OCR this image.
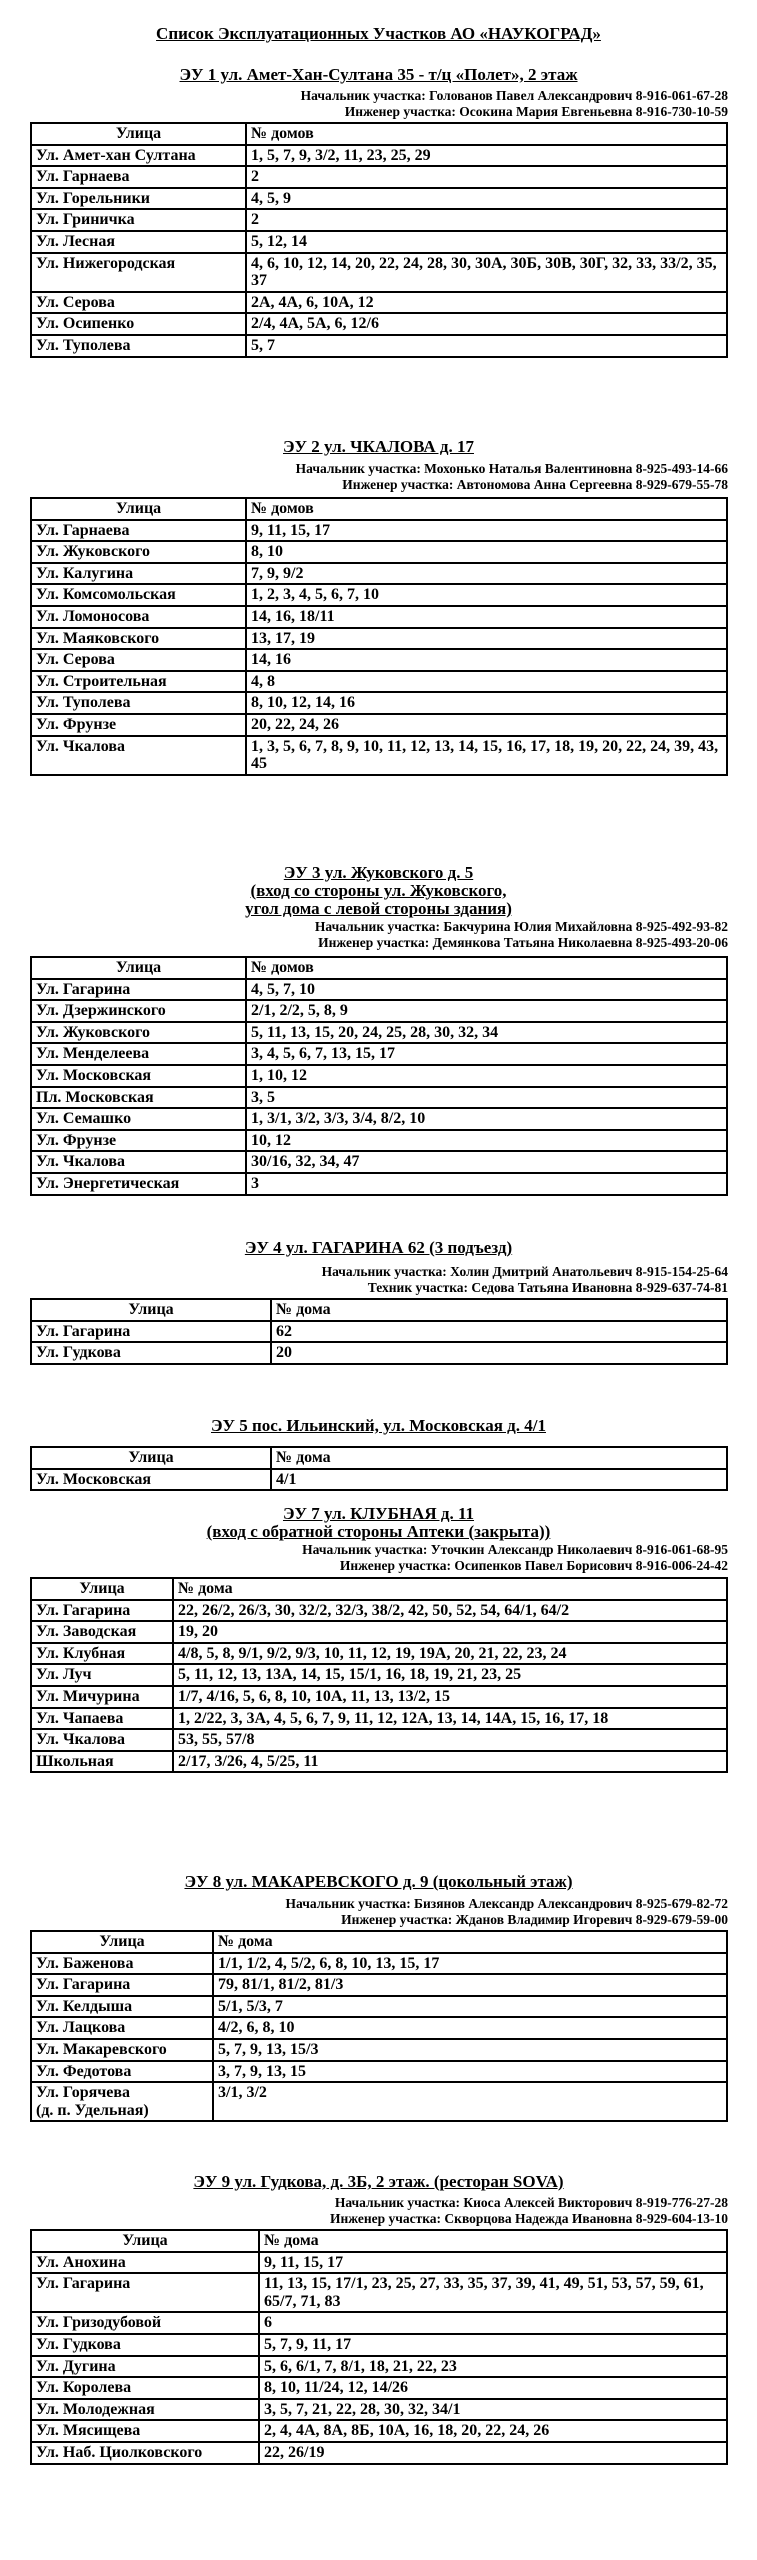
Список Эксплуатационных Участков АО «НАУКОГРАД»
ЭУ 1 ул. Амет-Хан-Султана 35 - т/ц «Полет», 2 этаж
Начальник участка: Голованов Павел Александрович 8-916-061-67-28
Инженер участка: Осокина Мария Евгеньевна 8-916-730-10-59
Улица	№ домов
Ул. Амет-хан Султана	1, 5, 7, 9, 3/2, 11, 23, 25, 29
Ул. Гарнаева	2
Ул. Горельники	4, 5, 9
Ул. Гриничка	2
Ул. Лесная	5, 12, 14
Ул. Нижегородская	4, 6, 10, 12, 14, 20, 22, 24, 28, 30, 30А, 30Б, 30В, 30Г, 32, 33, 33/2, 35, 37
Ул. Серова	2А, 4А, 6, 10А, 12
Ул. Осипенко	2/4, 4А, 5А, 6, 12/6
Ул. Туполева	5, 7
ЭУ 2 ул. ЧКАЛОВА д. 17
Начальник участка: Мохонько Наталья Валентиновна 8-925-493-14-66
Инженер участка: Автономова Анна Сергеевна 8-929-679-55-78
Улица	№ домов
Ул. Гарнаева	9, 11, 15, 17
Ул. Жуковского	8, 10
Ул. Калугина	7, 9, 9/2
Ул. Комсомольская	1, 2, 3, 4, 5, 6, 7, 10
Ул. Ломоносова	14, 16, 18/11
Ул. Маяковского	13, 17, 19
Ул. Серова	14, 16
Ул. Строительная	4, 8
Ул. Туполева	8, 10, 12, 14, 16
Ул. Фрунзе	20, 22, 24, 26
Ул. Чкалова	1, 3, 5, 6, 7, 8, 9, 10, 11, 12, 13, 14, 15, 16, 17, 18, 19, 20, 22, 24, 39, 43, 45
ЭУ 3 ул. Жуковского д. 5
(вход со стороны ул. Жуковского,
угол дома с левой стороны здания)
Начальник участка: Бакчурина Юлия Михайловна 8-925-492-93-82
Инженер участка: Демянкова Татьяна Николаевна 8-925-493-20-06
Улица	№ домов
Ул. Гагарина	4, 5, 7, 10
Ул. Дзержинского	2/1, 2/2, 5, 8, 9
Ул. Жуковского	5, 11, 13, 15, 20, 24, 25, 28, 30, 32, 34
Ул. Менделеева	3, 4, 5, 6, 7, 13, 15, 17
Ул. Московская	1, 10, 12
Пл. Московская	3, 5
Ул. Семашко	1, 3/1, 3/2, 3/3, 3/4, 8/2, 10
Ул. Фрунзе	10, 12
Ул. Чкалова	30/16, 32, 34, 47
Ул. Энергетическая	3
ЭУ 4 ул. ГАГАРИНА 62 (3 подъезд)
Начальник участка: Холин Дмитрий Анатольевич 8-915-154-25-64
Техник участка: Седова Татьяна Ивановна 8-929-637-74-81
Улица	№ дома
Ул. Гагарина	62
Ул. Гудкова	20
ЭУ 5 пос. Ильинский, ул. Московская д. 4/1
Улица	№ дома
Ул. Московская	4/1
ЭУ 7 ул. КЛУБНАЯ д. 11
(вход с обратной стороны Аптеки (закрыта))
Начальник участка: Уточкин Александр Николаевич 8-916-061-68-95
Инженер участка: Осипенков Павел Борисович 8-916-006-24-42
Улица	№ дома
Ул. Гагарина	22, 26/2, 26/3, 30, 32/2, 32/3, 38/2, 42, 50, 52, 54, 64/1, 64/2
Ул. Заводская	19, 20
Ул. Клубная	4/8, 5, 8, 9/1, 9/2, 9/3, 10, 11, 12, 19, 19А, 20, 21, 22, 23, 24
Ул. Луч	5, 11, 12, 13, 13А, 14, 15, 15/1, 16, 18, 19, 21, 23, 25
Ул. Мичурина	1/7, 4/16, 5, 6, 8, 10, 10А, 11, 13, 13/2, 15
Ул. Чапаева	1, 2/22, 3, 3А, 4, 5, 6, 7, 9, 11, 12, 12А, 13, 14, 14А, 15, 16, 17, 18
Ул. Чкалова	53, 55, 57/8
Школьная	2/17, 3/26, 4, 5/25, 11
ЭУ 8 ул. МАКАРЕВСКОГО д. 9 (цокольный этаж)
Начальник участка: Бизянов Александр Александрович 8-925-679-82-72
Инженер участка: Жданов Владимир Игоревич 8-929-679-59-00
Улица	№ дома
Ул. Баженова	1/1, 1/2, 4, 5/2, 6, 8, 10, 13, 15, 17
Ул. Гагарина	79, 81/1, 81/2, 81/3
Ул. Келдыша	5/1, 5/3, 7
Ул. Лацкова	4/2, 6, 8, 10
Ул. Макаревского	5, 7, 9, 13, 15/3
Ул. Федотова	3, 7, 9, 13, 15
Ул. Горячева
(д. п. Удельная)	3/1, 3/2
ЭУ 9 ул. Гудкова, д. 3Б, 2 этаж. (ресторан SOVA)
Начальник участка: Киоса Алексей Викторович 8-919-776-27-28
Инженер участка: Скворцова Надежда Ивановна 8-929-604-13-10
Улица	№ дома
Ул. Анохина	9, 11, 15, 17
Ул. Гагарина	11, 13, 15, 17/1, 23, 25, 27, 33, 35, 37, 39, 41, 49, 51, 53, 57, 59, 61, 65/7, 71, 83
Ул. Гризодубовой	6
Ул. Гудкова	5, 7, 9, 11, 17
Ул. Дугина	5, 6, 6/1, 7, 8/1, 18, 21, 22, 23
Ул. Королева	8, 10, 11/24, 12, 14/26
Ул. Молодежная	3, 5, 7, 21, 22, 28, 30, 32, 34/1
Ул. Мясищева	2, 4, 4А, 8А, 8Б, 10А, 16, 18, 20, 22, 24, 26
Ул. Наб. Циолковского	22, 26/19
